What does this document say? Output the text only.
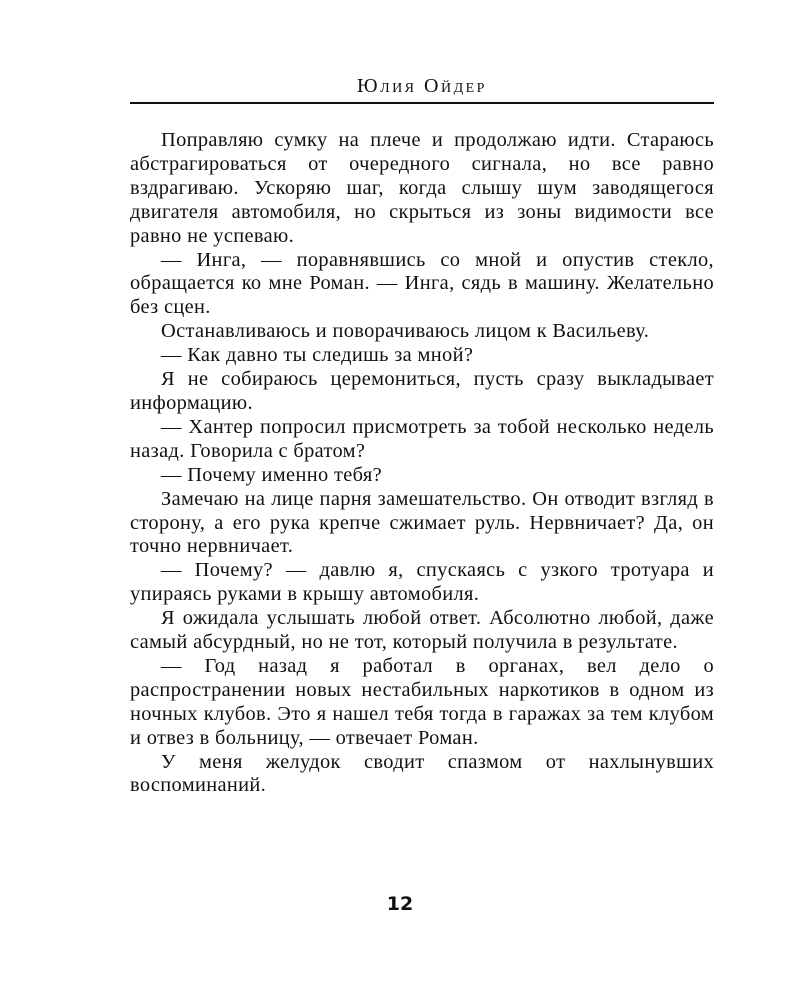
Юлия Ойдер

Поправляю сумку на плече и продолжаю идти. Стараюсь абстрагироваться от очередного сигнала, но все равно вздрагиваю. Ускоряю шаг, когда слышу шум заводящегося двигателя автомобиля, но скрыться из зоны видимости все равно не успеваю.

— Инга, — поравнявшись со мной и опустив стекло, обращается ко мне Роман. — Инга, сядь в машину. Желательно без сцен.

Останавливаюсь и поворачиваюсь лицом к Васильеву.

— Как давно ты следишь за мной?

Я не собираюсь церемониться, пусть сразу выкладывает информацию.

— Хантер попросил присмотреть за тобой несколько недель назад. Говорила с братом?

— Почему именно тебя?

Замечаю на лице парня замешательство. Он отводит взгляд в сторону, а его рука крепче сжимает руль. Нервничает? Да, он точно нервничает.

— Почему? — давлю я, спускаясь с узкого тротуара и упираясь руками в крышу автомобиля.

Я ожидала услышать любой ответ. Абсолютно любой, даже самый абсурдный, но не тот, который получила в результате.

— Год назад я работал в органах, вел дело о распространении новых нестабильных наркотиков в одном из ночных клубов. Это я нашел тебя тогда в гаражах за тем клубом и отвез в больницу, — отвечает Роман.

У меня желудок сводит спазмом от нахлынувших воспоминаний.

12
